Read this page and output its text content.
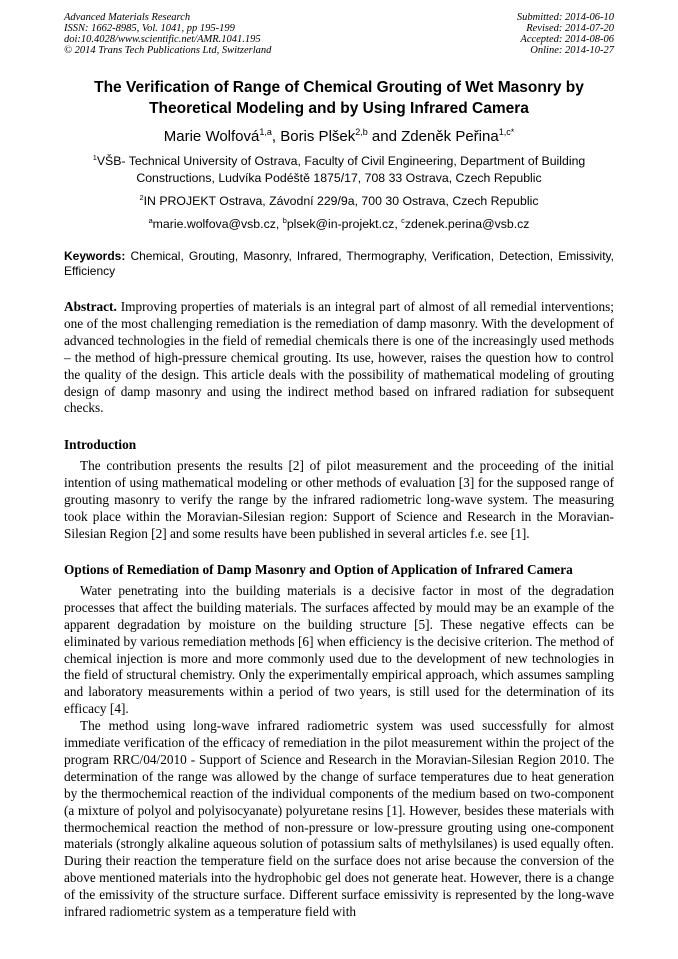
Advanced Materials Research
ISSN: 1662-8985, Vol. 1041, pp 195-199
doi:10.4028/www.scientific.net/AMR.1041.195
© 2014 Trans Tech Publications Ltd, Switzerland
Submitted: 2014-06-10
Revised: 2014-07-20
Accepted: 2014-08-06
Online: 2014-10-27
The Verification of Range of Chemical Grouting of Wet Masonry by Theoretical Modeling and by Using Infrared Camera
Marie Wolfová$^{1,a}$, Boris Plšek$^{2,b}$ and Zdeněk Peřina$^{1,c*}$
$^1$VŠB- Technical University of Ostrava, Faculty of Civil Engineering, Department of Building Constructions, Ludvíka Podéště 1875/17, 708 33 Ostrava, Czech Republic
$^2$IN PROJEKT Ostrava, Závodní 229/9a, 700 30 Ostrava, Czech Republic
$^a$marie.wolfova@vsb.cz, $^b$plsek@in-projekt.cz, $^c$zdenek.perina@vsb.cz
Keywords: Chemical, Grouting, Masonry, Infrared, Thermography, Verification, Detection, Emissivity, Efficiency
Abstract. Improving properties of materials is an integral part of almost of all remedial interventions; one of the most challenging remediation is the remediation of damp masonry. With the development of advanced technologies in the field of remedial chemicals there is one of the increasingly used methods – the method of high-pressure chemical grouting. Its use, however, raises the question how to control the quality of the design. This article deals with the possibility of mathematical modeling of grouting design of damp masonry and using the indirect method based on infrared radiation for subsequent checks.
Introduction
The contribution presents the results [2] of pilot measurement and the proceeding of the initial intention of using mathematical modeling or other methods of evaluation [3] for the supposed range of grouting masonry to verify the range by the infrared radiometric long-wave system. The measuring took place within the Moravian-Silesian region: Support of Science and Research in the Moravian-Silesian Region [2] and some results have been published in several articles f.e. see [1].
Options of Remediation of Damp Masonry and Option of Application of Infrared Camera
Water penetrating into the building materials is a decisive factor in most of the degradation processes that affect the building materials. The surfaces affected by mould may be an example of the apparent degradation by moisture on the building structure [5]. These negative effects can be eliminated by various remediation methods [6] when efficiency is the decisive criterion. The method of chemical injection is more and more commonly used due to the development of new technologies in the field of structural chemistry. Only the experimentally empirical approach, which assumes sampling and laboratory measurements within a period of two years, is still used for the determination of its efficacy [4].
The method using long-wave infrared radiometric system was used successfully for almost immediate verification of the efficacy of remediation in the pilot measurement within the project of the program RRC/04/2010 - Support of Science and Research in the Moravian-Silesian Region 2010. The determination of the range was allowed by the change of surface temperatures due to heat generation by the thermochemical reaction of the individual components of the medium based on two-component (a mixture of polyol and polyisocyanate) polyuretane resins [1]. However, besides these materials with thermochemical reaction the method of non-pressure or low-pressure grouting using one-component materials (strongly alkaline aqueous solution of potassium salts of methylsilanes) is used equally often. During their reaction the temperature field on the surface does not arise because the conversion of the above mentioned materials into the hydrophobic gel does not generate heat. However, there is a change of the emissivity of the structure surface. Different surface emissivity is represented by the long-wave infrared radiometric system as a temperature field with
